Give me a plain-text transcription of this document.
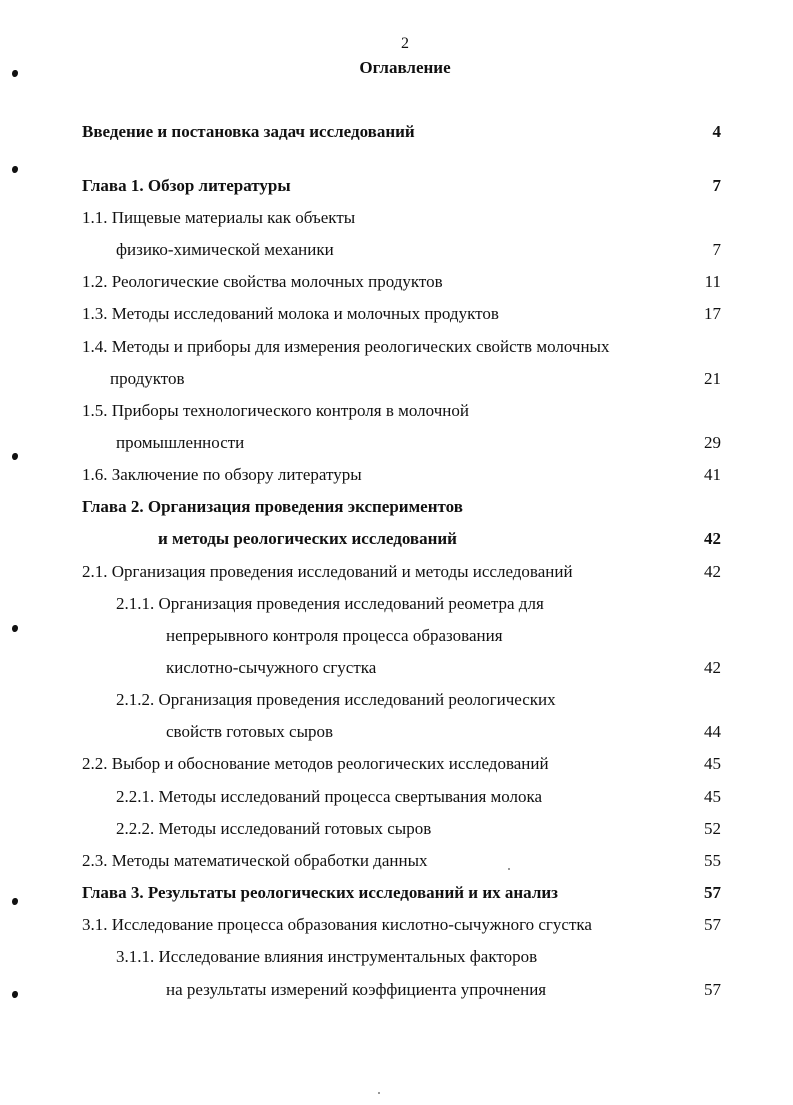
2
Оглавление
Введение и постановка задач исследований	4
Глава 1. Обзор литературы	7
1.1. Пищевые материалы как объекты
физико-химической механики	7
1.2. Реологические свойства молочных продуктов	11
1.3. Методы исследований молока и молочных продуктов	17
1.4. Методы и приборы для измерения реологических свойств молочных
продуктов	21
1.5. Приборы технологического контроля в молочной
промышленности	29
1.6. Заключение по обзору литературы	41
Глава 2. Организация проведения экспериментов
и методы реологических исследований	42
2.1. Организация проведения исследований и методы исследований	42
2.1.1. Организация проведения исследований реометра для
непрерывного контроля процесса образования
кислотно-сычужного сгустка	42
2.1.2. Организация проведения исследований реологических
свойств готовых сыров	44
2.2. Выбор и обоснование методов реологических исследований	45
2.2.1. Методы исследований процесса свертывания молока	45
2.2.2. Методы исследований готовых сыров	52
2.3. Методы математической обработки данных	55
Глава 3. Результаты реологических исследований и их анализ	57
3.1. Исследование процесса образования кислотно-сычужного сгустка	57
3.1.1. Исследование влияния инструментальных факторов
на результаты измерений коэффициента упрочнения	57
